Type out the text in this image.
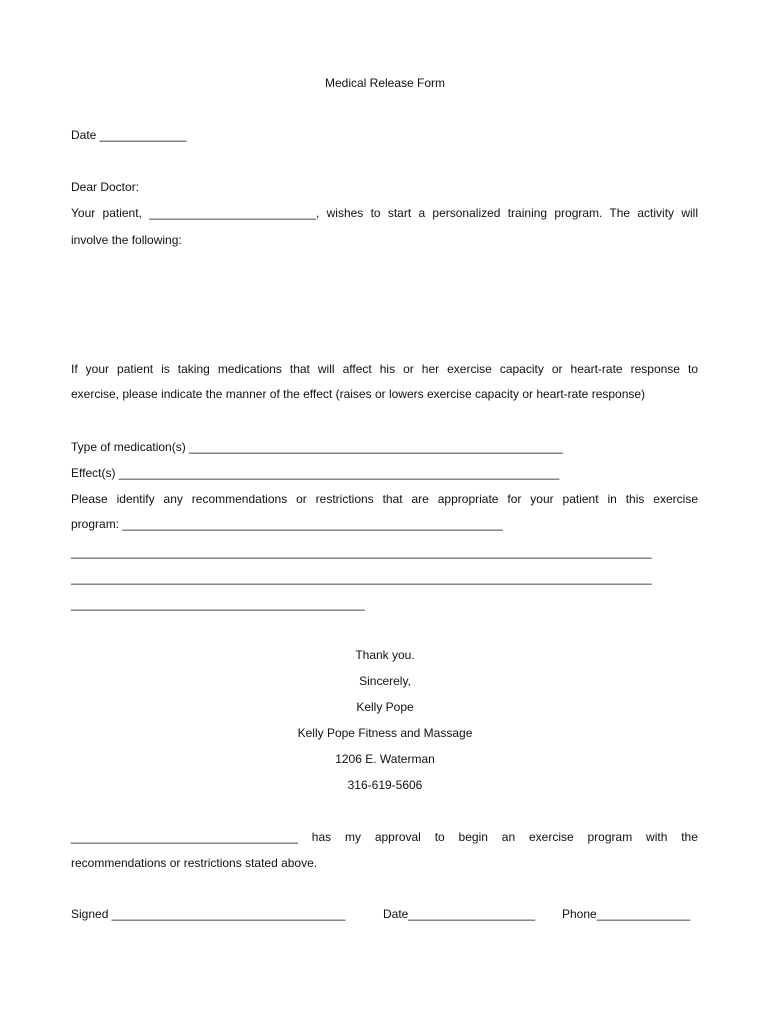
Medical Release Form
Date _____________
Dear Doctor:
Your patient, _________________________, wishes to start a personalized training program. The activity will
involve the following:
If your patient is taking medications that will affect his or her exercise capacity or heart-rate response to
exercise, please indicate the manner of the effect (raises or lowers exercise capacity or heart-rate response)
Type of medication(s) ________________________________________________________
Effect(s) __________________________________________________________________
Please identify any recommendations or restrictions that are appropriate for your patient in this exercise
program: _________________________________________________________
_______________________________________________________________________________________
_______________________________________________________________________________________
____________________________________________
Thank you.
Sincerely,
Kelly Pope
Kelly Pope Fitness and Massage
1206 E. Waterman
316-619-5606
__________________________________ has my approval to begin an exercise program with the
recommendations or restrictions stated above.
Signed ___________________________________	Date___________________ Phone______________
